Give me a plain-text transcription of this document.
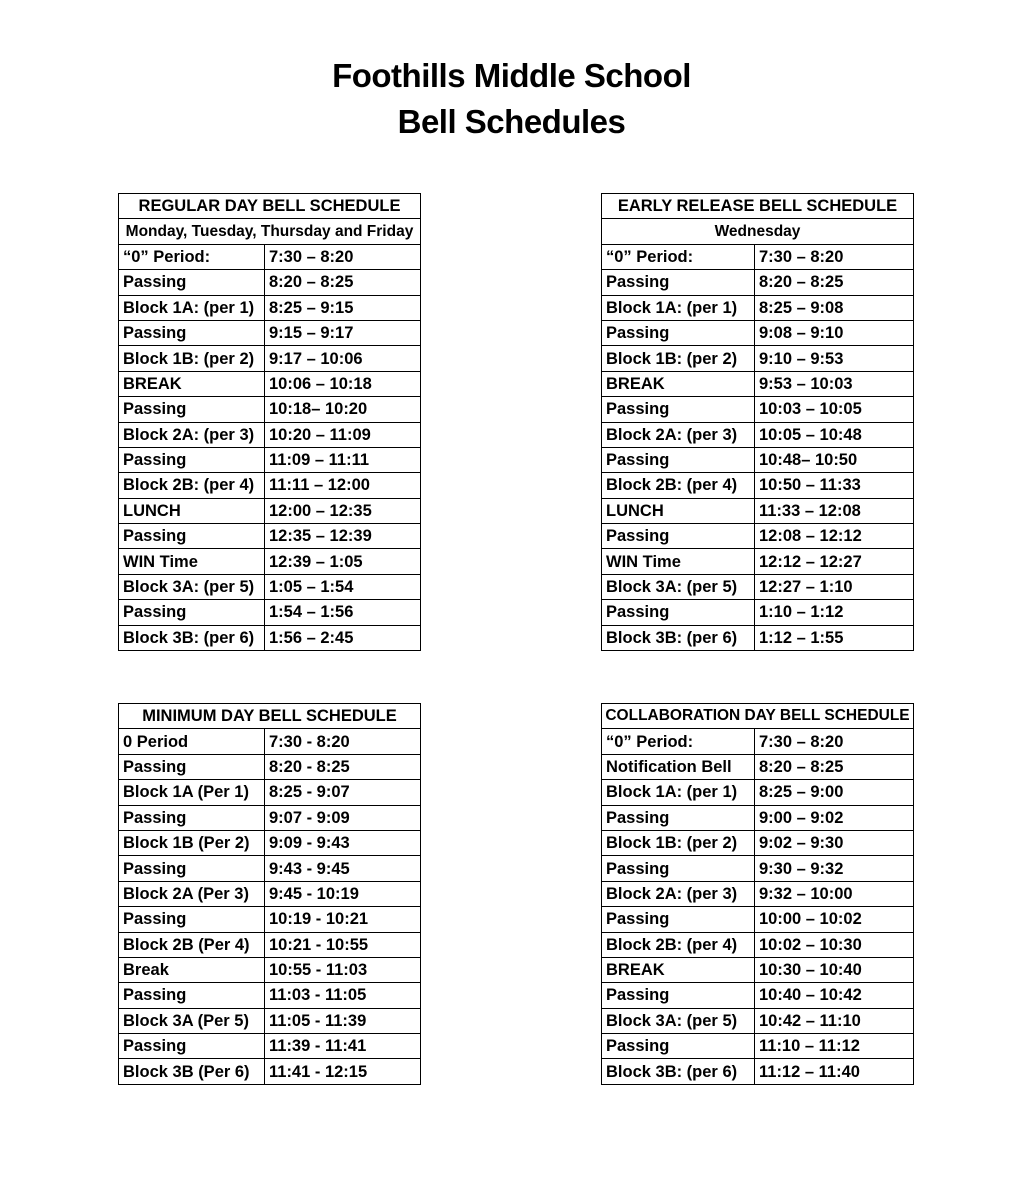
Foothills Middle School
Bell Schedules
REGULAR DAY BELL SCHEDULE	
Monday, Tuesday, Thursday and Friday	
“0” Period:	7:30 – 8:20
Passing	8:20 – 8:25
Block 1A: (per 1)	8:25 – 9:15
Passing	9:15 – 9:17
Block 1B: (per 2)	9:17 – 10:06
BREAK	10:06 – 10:18
Passing	10:18– 10:20
Block 2A: (per 3)	10:20 – 11:09
Passing	11:09 – 11:11
Block 2B: (per 4)	11:11 – 12:00
LUNCH	12:00 – 12:35
Passing	12:35 – 12:39
WIN Time	12:39 – 1:05
Block 3A: (per 5)	1:05 – 1:54
Passing	1:54 – 1:56
Block 3B: (per 6)	1:56 – 2:45
EARLY RELEASE BELL SCHEDULE	
Wednesday	
“0” Period:	7:30 – 8:20
Passing	8:20 – 8:25
Block 1A: (per 1)	8:25 – 9:08
Passing	9:08 – 9:10
Block 1B: (per 2)	9:10 – 9:53
BREAK	9:53 – 10:03
Passing	10:03 – 10:05
Block 2A: (per 3)	10:05 – 10:48
Passing	10:48– 10:50
Block 2B: (per 4)	10:50 – 11:33
LUNCH	11:33 – 12:08
Passing	12:08 – 12:12
WIN Time	12:12 – 12:27
Block 3A: (per 5)	12:27 – 1:10
Passing	1:10 – 1:12
Block 3B: (per 6)	1:12 – 1:55
MINIMUM DAY BELL SCHEDULE	
0 Period	7:30 - 8:20
Passing	8:20 - 8:25
Block 1A (Per 1)	8:25 - 9:07
Passing	9:07 - 9:09
Block 1B (Per 2)	9:09 - 9:43
Passing	9:43 - 9:45
Block 2A (Per 3)	9:45 - 10:19
Passing	10:19 - 10:21
Block 2B (Per 4)	10:21 - 10:55
Break	10:55 - 11:03
Passing	11:03 - 11:05
Block 3A (Per 5)	11:05 - 11:39
Passing	11:39 - 11:41
Block 3B (Per 6)	11:41 - 12:15
COLLABORATION DAY BELL SCHEDULE	
“0” Period:	7:30 – 8:20
Notification Bell	8:20 – 8:25
Block 1A: (per 1)	8:25 – 9:00
Passing	9:00 – 9:02
Block 1B: (per 2)	9:02 – 9:30
Passing	9:30 – 9:32
Block 2A: (per 3)	9:32 – 10:00
Passing	10:00 – 10:02
Block 2B: (per 4)	10:02 – 10:30
BREAK	10:30 – 10:40
Passing	10:40 – 10:42
Block 3A: (per 5)	10:42 – 11:10
Passing	11:10 – 11:12
Block 3B: (per 6)	11:12 – 11:40
